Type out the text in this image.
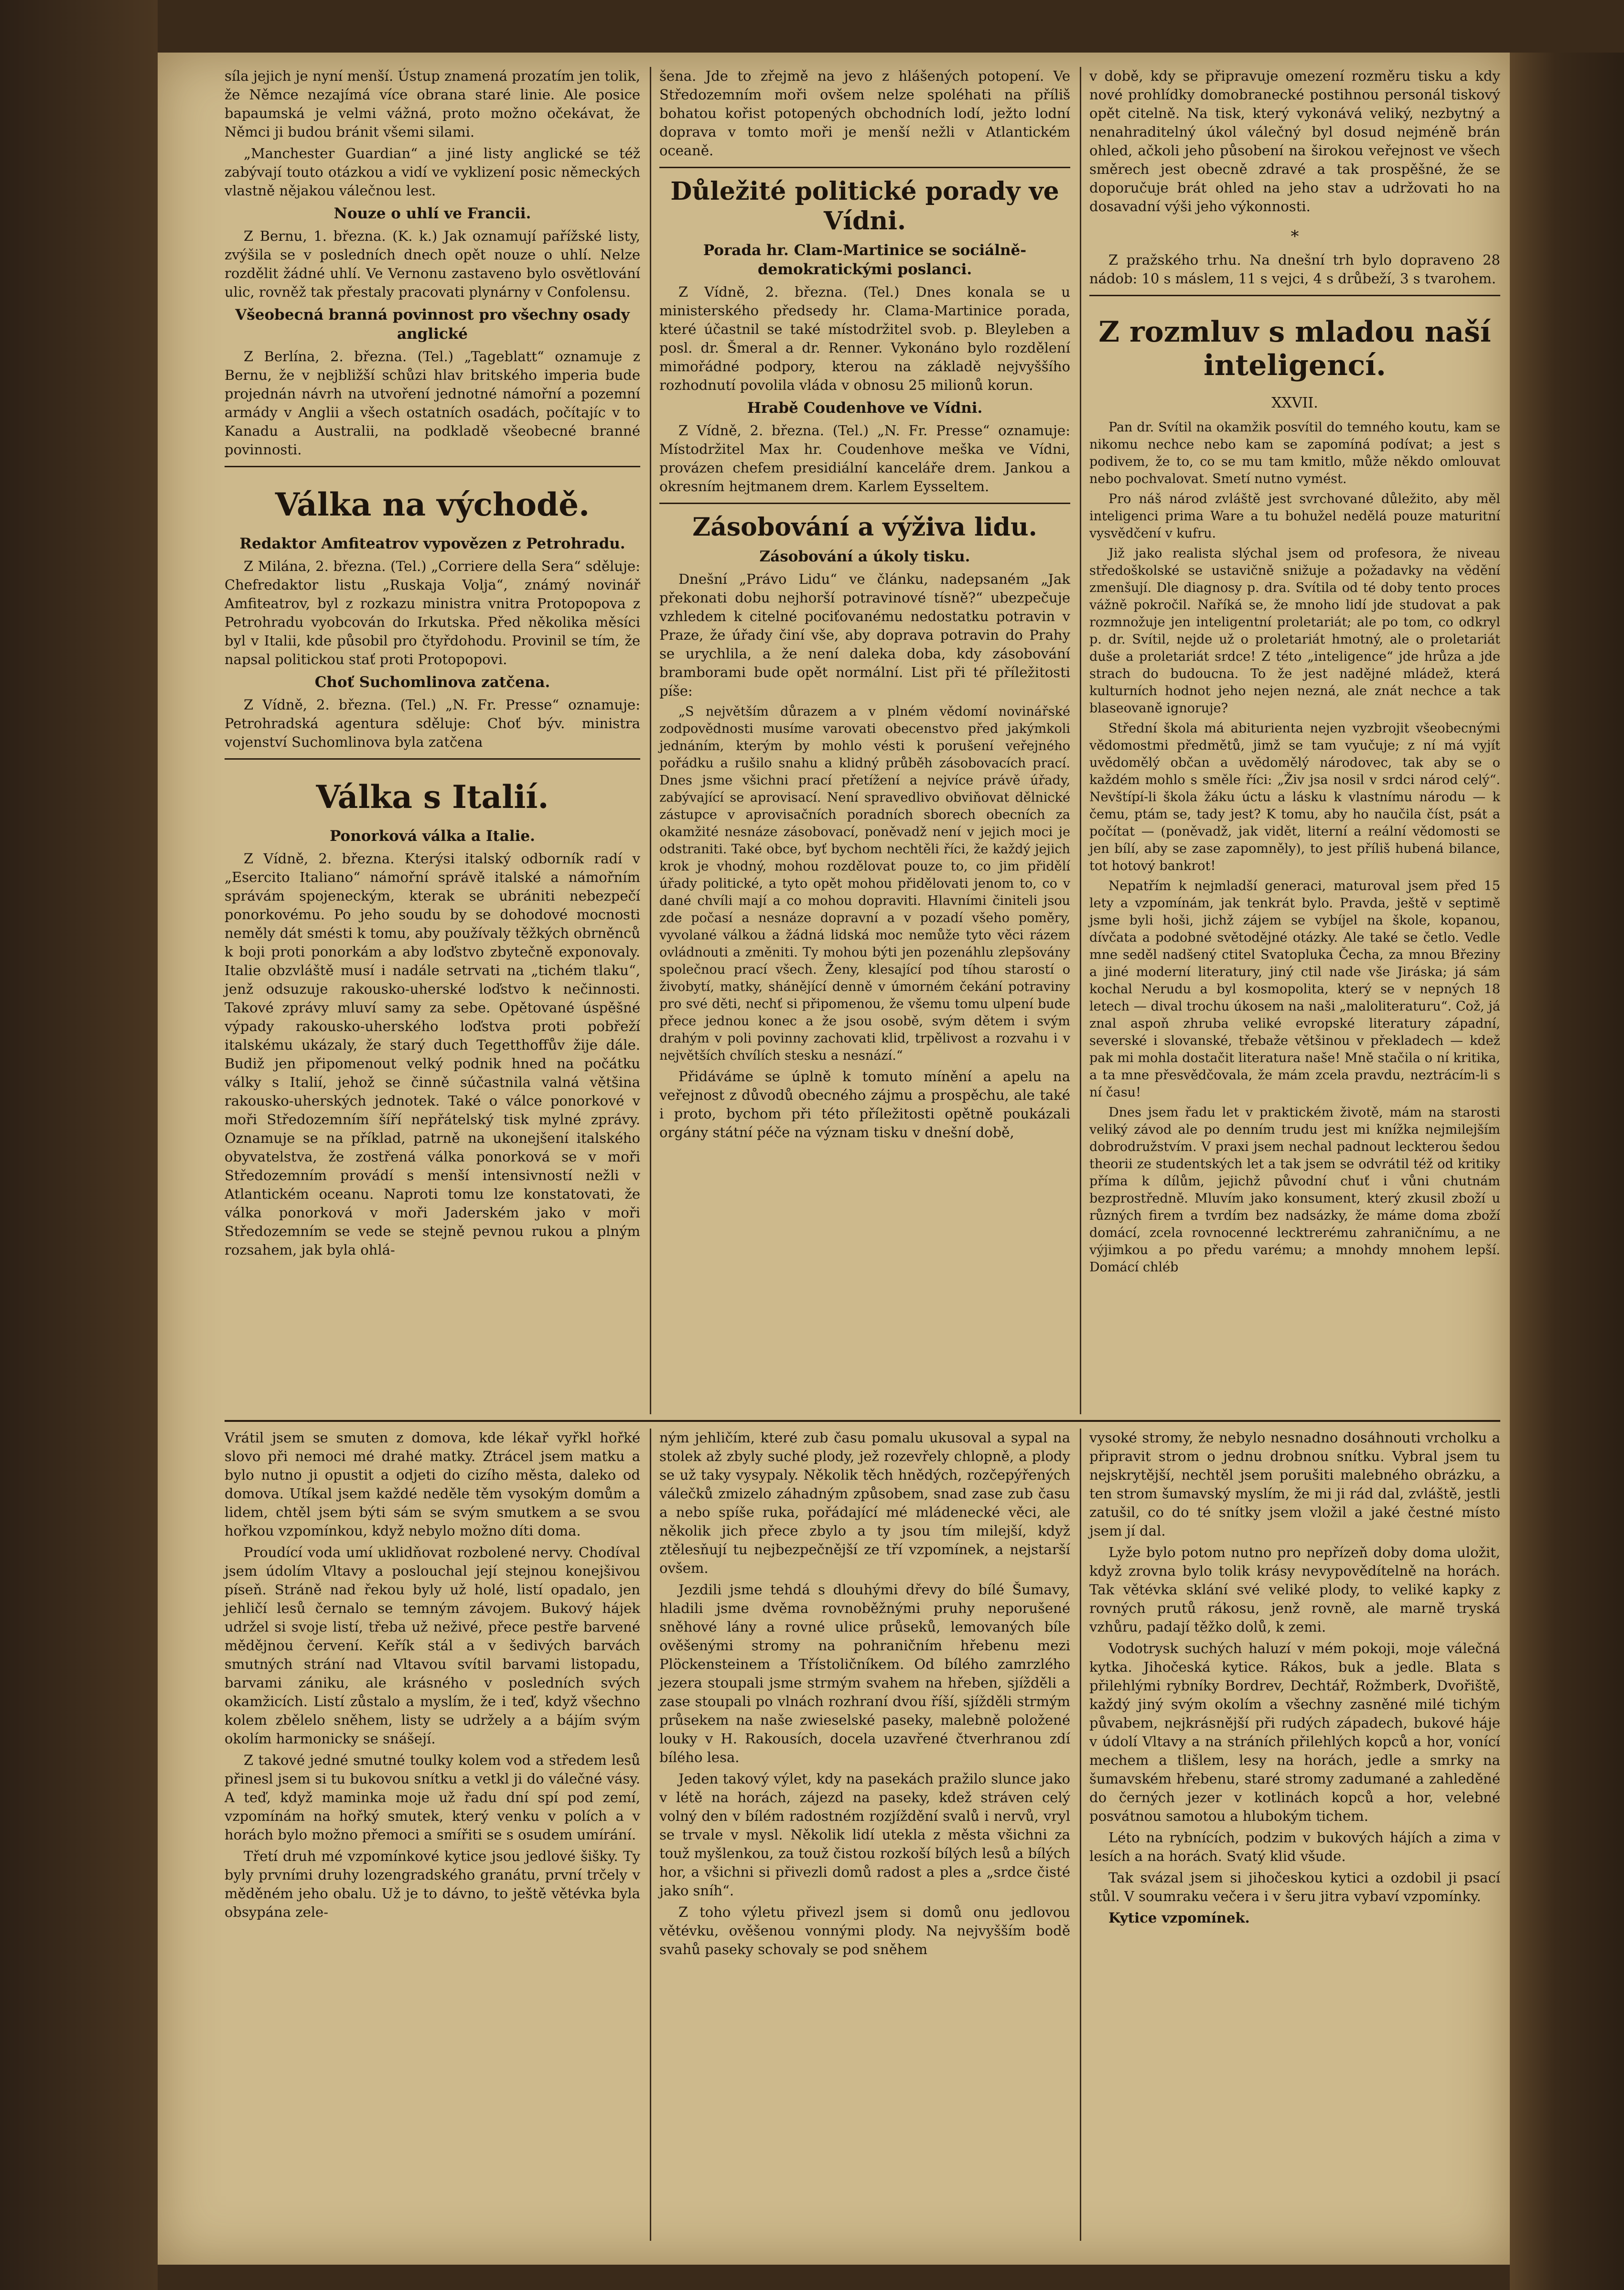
síla jejich je nyní menší. Ústup znamená prozatím jen tolik, že Němce nezajímá více obrana staré linie. Ale posice bapaumská je velmi vážná, proto možno očekávat, že Němci ji budou bránit všemi silami.

„Manchester Guardian“ a jiné listy anglické se též zabývají touto otázkou a vidí ve vyklizení posic německých vlastně nějakou válečnou lest.

Nouze o uhlí ve Francii.

Z Bernu, 1. března. (K. k.) Jak oznamují pařížské listy, zvýšila se v posledních dnech opět nouze o uhlí. Nelze rozdělit žádné uhlí. Ve Vernonu zastaveno bylo osvětlování ulic, rovněž tak přestaly pracovati plynárny v Confolensu.

Všeobecná branná povinnost pro všechny osady anglické

Z Berlína, 2. března. (Tel.) „Tageblatt“ oznamuje z Bernu, že v nejbližší schůzi hlav britského imperia bude projednán návrh na utvoření jednotné námořní a pozemní armády v Anglii a všech ostatních osadách, počítajíc v to Kanadu a Australii, na podkladě všeobecné branné povinnosti.

Válka na východě.
Redaktor Amfiteatrov vypovězen z Petrohradu.

Z Milána, 2. března. (Tel.) „Corriere della Sera“ sděluje: Chefredaktor listu „Ruskaja Volja“, známý novinář Amfiteatrov, byl z rozkazu ministra vnitra Protopopova z Petrohradu vyobcován do Irkutska. Před několika měsíci byl v Italii, kde působil pro čtyřdohodu. Provinil se tím, že napsal politickou stať proti Protopopovi.

Choť Suchomlinova zatčena.

Z Vídně, 2. března. (Tel.) „N. Fr. Presse“ oznamuje: Petrohradská agentura sděluje: Choť býv. ministra vojenství Suchomlinova byla zatčena

Válka s Italií.
Ponorková válka a Italie.

Z Vídně, 2. března. Kterýsi italský odborník radí v „Esercito Italiano“ námořní správě italské a námořním správám spojeneckým, kterak se ubrániti nebezpečí ponorkovému. Po jeho soudu by se dohodové mocnosti neměly dát smésti k tomu, aby používaly těžkých obrněnců k boji proti ponorkám a aby loďstvo zbytečně exponovaly. Italie obzvláště musí i nadále setrvati na „tichém tlaku“, jenž odsuzuje rakousko-uherské loďstvo k nečinnosti. Takové zprávy mluví samy za sebe. Opětované úspěšné výpady rakousko-uherského loďstva proti pobřeží italskému ukázaly, že starý duch Tegetthoffův žije dále. Budiž jen připomenout velký podnik hned na počátku války s Italií, jehož se činně súčastnila valná většina rakousko-uherských jednotek. Také o válce ponorkové v moři Středozemním šíří nepřátelský tisk mylné zprávy. Oznamuje se na příklad, patrně na ukonejšení italského obyvatelstva, že zostřená válka ponorková se v moři Středozemním provádí s menší intensivností nežli v Atlantickém oceanu. Naproti tomu lze konstatovati, že válka ponorková v moři Jaderském jako v moři Středozemním se vede se stejně pevnou rukou a plným rozsahem, jak byla ohlá-

šena. Jde to zřejmě na jevo z hlášených potopení. Ve Středozemním moři ovšem nelze spoléhati na příliš bohatou kořist potopených obchodních lodí, ježto lodní doprava v tomto moři je menší nežli v Atlantickém oceaně.

Důležité politické porady ve Vídni.
Porada hr. Clam-Martinice se sociálně-demokratickými poslanci.

Z Vídně, 2. března. (Tel.) Dnes konala se u ministerského předsedy hr. Clama-Martinice porada, které účastnil se také místodržitel svob. p. Bleyleben a posl. dr. Šmeral a dr. Renner. Vykonáno bylo rozdělení mimořádné podpory, kterou na základě nejvyššího rozhodnutí povolila vláda v obnosu 25 milionů korun.

Hrabě Coudenhove ve Vídni.

Z Vídně, 2. března. (Tel.) „N. Fr. Presse“ oznamuje: Místodržitel Max hr. Coudenhove meška ve Vídni, provázen chefem presidiální kanceláře drem. Jankou a okresním hejtmanem drem. Karlem Eysseltem.

Zásobování a výživa lidu.
Zásobování a úkoly tisku.

Dnešní „Právo Lidu“ ve článku, nadepsaném „Jak překonati dobu nejhorší potravinové tísně?“ ubezpečuje vzhledem k citelné pociťovanému nedostatku potravin v Praze, že úřady činí vše, aby doprava potravin do Prahy se urychlila, a že není daleka doba, kdy zásobování bramborami bude opět normální. List při té příležitosti píše:

„S největším důrazem a v plném vědomí novinářské zodpovědnosti musíme varovati obecenstvo před jakýmkoli jednáním, kterým by mohlo vésti k porušení veřejného pořádku a rušilo snahu a klidný průběh zásobovacích prací. Dnes jsme všichni prací přetížení a nejvíce právě úřady, zabývající se aprovisací. Není spravedlivo obviňovat dělnické zástupce v aprovisačních poradních sborech obecních za okamžité nesnáze zásobovací, poněvadž není v jejich moci je odstraniti. Také obce, byť bychom nechtěli říci, že každý jejich krok je vhodný, mohou rozdělovat pouze to, co jim přidělí úřady politické, a tyto opět mohou přidělovati jenom to, co v dané chvíli mají a co mohou dopraviti. Hlavními činiteli jsou zde počasí a nesnáze dopravní a v pozadí všeho poměry, vyvolané válkou a žádná lidská moc nemůže tyto věci rázem ovládnouti a změniti. Ty mohou býti jen pozenáhlu zlepšovány společnou prací všech. Ženy, klesající pod tíhou starostí o živobytí, matky, shánějící denně v úmorném čekání potraviny pro své děti, nechť si připomenou, že všemu tomu ulpení bude přece jednou konec a že jsou osobě, svým dětem i svým drahým v poli povinny zachovati klid, trpělivost a rozvahu i v největších chvílích stesku a nesnází.“

Přidáváme se úplně k tomuto mínění a apelu na veřejnost z důvodů obecného zájmu a prospěchu, ale také i proto, bychom při této příležitosti opětně poukázali orgány státní péče na význam tisku v dnešní době,

v době, kdy se připravuje omezení rozměru tisku a kdy nové prohlídky domobranecké postihnou personál tiskový opět citelně. Na tisk, který vykonává veliký, nezbytný a nenahraditelný úkol válečný byl dosud nejméně brán ohled, ačkoli jeho působení na širokou veřejnost ve všech směrech jest obecně zdravé a tak prospěšné, že se doporučuje brát ohled na jeho stav a udržovati ho na dosavadní výši jeho výkonnosti.

*

Z pražského trhu. Na dnešní trh bylo dopraveno 28 nádob: 10 s máslem, 11 s vejci, 4 s drůbeží, 3 s tvarohem.

Z rozmluv s mladou naší inteligencí.
XXVII.

Pan dr. Svítil na okamžik posvítil do temného koutu, kam se nikomu nechce nebo kam se zapomíná podívat; a jest s podivem, že to, co se mu tam kmitlo, může někdo omlouvat nebo pochvalovat. Smetí nutno vymést.

Pro náš národ zvláště jest svrchované důležito, aby měl inteligenci prima Ware a tu bohužel nedělá pouze maturitní vysvědčení v kufru.

Již jako realista slýchal jsem od profesora, že niveau středoškolské se ustavičně snižuje a požadavky na vědění zmenšují. Dle diagnosy p. dra. Svítila od té doby tento proces vážně pokročil. Naříká se, že mnoho lidí jde studovat a pak rozmnožuje jen inteligentní proletariát; ale po tom, co odkryl p. dr. Svítil, nejde už o proletariát hmotný, ale o proletariát duše a proletariát srdce! Z této „inteligence“ jde hrůza a jde strach do budoucna. To že jest nadějné mládež, která kulturních hodnot jeho nejen nezná, ale znát nechce a tak blaseovaně ignoruje?

Střední škola má abiturienta nejen vyzbrojit všeobecnými vědomostmi předmětů, jimž se tam vyučuje; z ní má vyjít uvědomělý občan a uvědomělý národovec, tak aby se o každém mohlo s směle říci: „Živ jsa nosil v srdci národ celý“. Nevštípí-li škola žáku úctu a lásku k vlastnímu národu — k čemu, ptám se, tady jest? K tomu, aby ho naučila číst, psát a počítat — (poněvadž, jak vidět, literní a reální vědomosti se jen bílí, aby se zase zapomněly), to jest příliš hubená bilance, tot hotový bankrot!

Nepatřím k nejmladší generaci, maturoval jsem před 15 lety a vzpomínám, jak tenkrát bylo. Pravda, ještě v septimě jsme byli hoši, jichž zájem se vybíjel na škole, kopanou, dívčata a podobné světodějné otázky. Ale také se četlo. Vedle mne seděl nadšený ctitel Svatopluka Čecha, za mnou Březiny a jiné moderní literatury, jiný ctil nade vše Jiráska; já sám kochal Nerudu a byl kosmopolita, který se v nepných 18 letech — dival trochu úkosem na naši „maloliteraturu“. Což, já znal aspoň zhruba veliké evropské literatury západní, severské i slovanské, třebaže většinou v překladech — kdež pak mi mohla dostačit literatura naše! Mně stačila o ní kritika, a ta mne přesvědčovala, že mám zcela pravdu, neztrácím-li s ní času!

Dnes jsem řadu let v praktickém životě, mám na starosti veliký závod ale po denním trudu jest mi knížka nejmilejším dobrodružstvím. V praxi jsem nechal padnout leckterou šedou theorii ze studentských let a tak jsem se odvrátil též od kritiky příma k dílům, jejichž původní chuť i vůni chutnám bezprostředně. Mluvím jako konsument, který zkusil zboží u různých firem a tvrdím bez nadsázky, že máme doma zboží domácí, zcela rovnocenné lecktrerému zahraničnímu, a ne výjimkou a po předu varému; a mnohdy mnohem lepší. Domácí chléb

Vrátil jsem se smuten z domova, kde lékař vyřkl hořké slovo při nemoci mé drahé matky. Ztrácel jsem matku a bylo nutno ji opustit a odjeti do cizího města, daleko od domova. Utíkal jsem každé neděle těm vysokým domům a lidem, chtěl jsem býti sám se svým smutkem a se svou hořkou vzpomínkou, když nebylo možno díti doma.

Proudící voda umí uklidňovat rozbolené nervy. Chodíval jsem údolím Vltavy a poslouchal její stejnou konejšivou píseň. Stráně nad řekou byly už holé, listí opadalo, jen jehličí lesů černalo se temným závojem. Bukový hájek udržel si svoje listí, třeba už neživé, přece pestře barvené mědějnou červení. Keřík stál a v šedivých barvách smutných strání nad Vltavou svítil barvami listopadu, barvami zániku, ale krásného v posledních svých okamžicích. Listí zůstalo a myslím, že i teď, když všechno kolem zbělelo sněhem, listy se udržely a a bájím svým okolím harmonicky se snášejí.

Z takové jedné smutné toulky kolem vod a středem lesů přinesl jsem si tu bukovou snítku a vetkl ji do válečné vásy. A teď, když maminka moje už řadu dní spí pod zemí, vzpomínám na hořký smutek, který venku v polích a v horách bylo možno přemoci a smířiti se s osudem umírání.

Třetí druh mé vzpomínkové kytice jsou jedlové šišky. Ty byly prvními druhy lozengradského granátu, první trčely v měděném jeho obalu. Už je to dávno, to ještě větévka byla obsypána zele-

ným jehličím, které zub času pomalu ukusoval a sypal na stolek až zbyly suché plody, jež rozevřely chlopně, a plody se už taky vysypaly. Několik těch hnědých, rozčepýřených válečků zmizelo záhadným způsobem, snad zase zub času a nebo spíše ruka, pořádající mé mládenecké věci, ale několik jich přece zbylo a ty jsou tím milejší, když ztělesňují tu nejbezpečnější ze tří vzpomínek, a nejstarší ovšem.

Jezdili jsme tehdá s dlouhými dřevy do bílé Šumavy, hladili jsme dvěma rovnoběžnými pruhy neporušené sněhové lány a rovné ulice průseků, lemovaných bíle ověšenými stromy na pohraničním hřebenu mezi Plöckensteinem a Třístoličníkem. Od bílého zamrzlého jezera stoupali jsme strmým svahem na hřeben, sjížděli a zase stoupali po vlnách rozhraní dvou říší, sjížděli strmým průsekem na naše zwieselské paseky, malebně položené louky v H. Rakousích, docela uzavřené čtverhranou zdí bílého lesa.

Jeden takový výlet, kdy na pasekách pražilo slunce jako v létě na horách, zájezd na paseky, kdež stráven celý volný den v bílém radostném rozjíždění svalů i nervů, vryl se trvale v mysl. Několik lidí utekla z města všichni za touž myšlenkou, za touž čistou rozkoší bílých lesů a bílých hor, a všichni si přivezli domů radost a ples a „srdce čisté jako sníh“.

Z toho výletu přivezl jsem si domů onu jedlovou větévku, ověšenou vonnými plody. Na nejvyšším bodě svahů paseky schovaly se pod sněhem

vysoké stromy, že nebylo nesnadno dosáhnouti vrcholku a připravit strom o jednu drobnou snítku. Vybral jsem tu nejskrytější, nechtěl jsem porušiti malebného obrázku, a ten strom šumavský myslím, že mi ji rád dal, zvláště, jestli zatušil, co do té snítky jsem vložil a jaké čestné místo jsem jí dal.

Lyže bylo potom nutno pro nepřízeň doby doma uložit, když zrovna bylo tolik krásy nevypovědítelně na horách. Tak větévka sklání své veliké plody, to veliké kapky z rovných prutů rákosu, jenž rovně, ale marně tryská vzhůru, padají těžko dolů, k zemi.

Vodotrysk suchých haluzí v mém pokoji, moje válečná kytka. Jihočeská kytice. Rákos, buk a jedle. Blata s přilehlými rybníky Bordrev, Dechtář, Rožmberk, Dvořiště, každý jiný svým okolím a všechny zasněné milé tichým půvabem, nejkrásnější při rudých západech, bukové háje v údolí Vltavy a na stráních přilehlých kopců a hor, vonící mechem a tlišlem, lesy na horách, jedle a smrky na šumavském hřebenu, staré stromy zadumané a zahleděné do černých jezer v kotlinách kopců a hor, velebné posvátnou samotou a hlubokým tichem.

Léto na rybnících, podzim v bukových hájích a zima v lesích a na horách. Svatý klid všude.

Tak svázal jsem si jihočeskou kytici a ozdobil ji psací stůl. V soumraku večera i v šeru jitra vybaví vzpomínky.

Kytice vzpomínek.
